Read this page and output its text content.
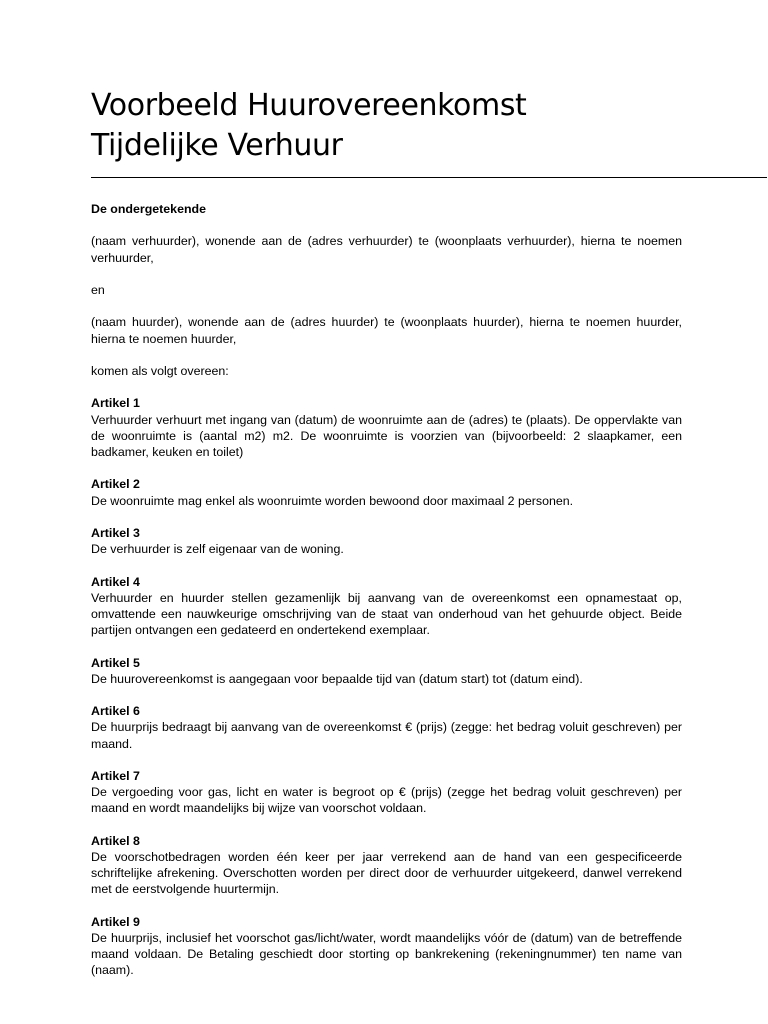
Voorbeeld Huurovereenkomst
Tijdelijke Verhuur

De ondergetekende

(naam verhuurder), wonende aan de (adres verhuurder) te (woonplaats verhuurder), hierna te noemen verhuurder,

en

(naam huurder), wonende aan de (adres huurder) te (woonplaats huurder), hierna te noemen huurder, hierna te noemen huurder,

komen als volgt overeen:

Artikel 1

Verhuurder verhuurt met ingang van (datum) de woonruimte aan de (adres) te (plaats). De oppervlakte van de woonruimte is (aantal m2) m2. De woonruimte is voorzien van (bijvoorbeeld: 2 slaapkamer, een badkamer, keuken en toilet)

Artikel 2

De woonruimte mag enkel als woonruimte worden bewoond door maximaal 2 personen.

Artikel 3

De verhuurder is zelf eigenaar van de woning.

Artikel 4

Verhuurder en huurder stellen gezamenlijk bij aanvang van de overeenkomst een opnamestaat op, omvattende een nauwkeurige omschrijving van de staat van onderhoud van het gehuurde object. Beide partijen ontvangen een gedateerd en ondertekend exemplaar.

Artikel 5

De huurovereenkomst is aangegaan voor bepaalde tijd van (datum start) tot (datum eind).

Artikel 6

De huurprijs bedraagt bij aanvang van de overeenkomst € (prijs) (zegge: het bedrag voluit geschreven) per maand.

Artikel 7

De vergoeding voor gas, licht en water is begroot op € (prijs) (zegge het bedrag voluit geschreven) per maand en wordt maandelijks bij wijze van voorschot voldaan.

Artikel 8

De voorschotbedragen worden één keer per jaar verrekend aan de hand van een gespecificeerde schriftelijke afrekening. Overschotten worden per direct door de verhuurder uitgekeerd, danwel verrekend met de eerstvolgende huurtermijn.

Artikel 9

De huurprijs, inclusief het voorschot gas/licht/water, wordt maandelijks vóór de (datum) van de betreffende maand voldaan. De Betaling geschiedt door storting op bankrekening (rekeningnummer) ten name van (naam).
